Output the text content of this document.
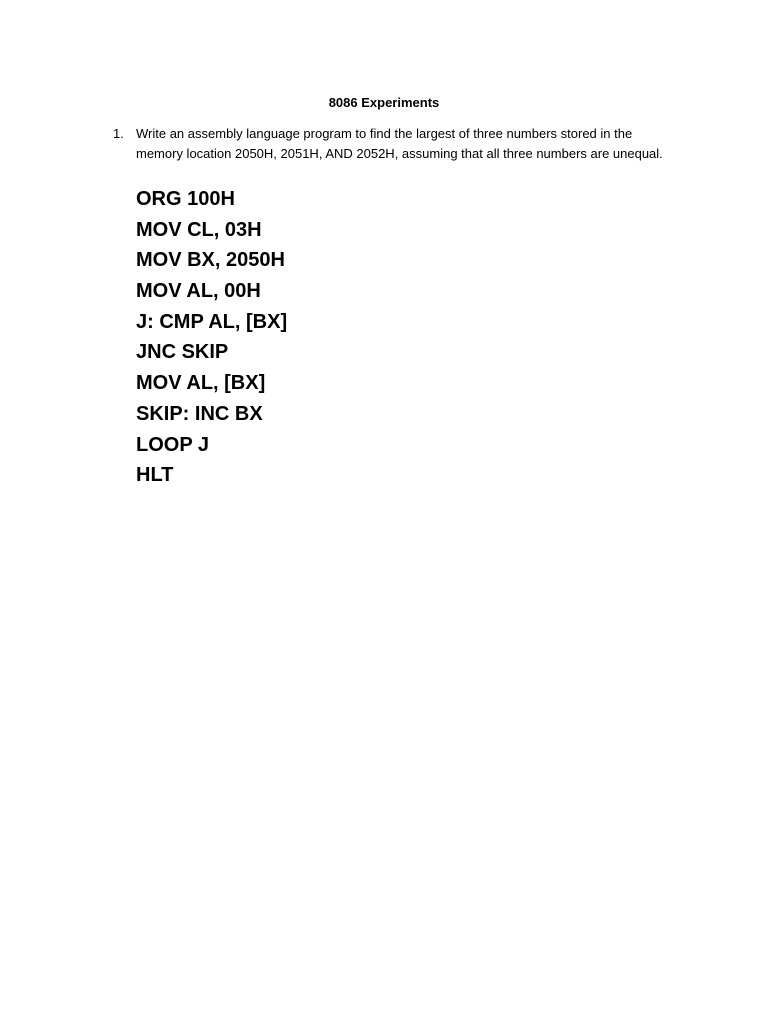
8086 Experiments
1. Write an assembly language program to find the largest of three numbers stored in the memory location 2050H, 2051H, AND 2052H, assuming that all three numbers are unequal.
ORG 100H
MOV CL, 03H
MOV BX, 2050H
MOV AL, 00H
J: CMP AL, [BX]
JNC SKIP
MOV AL, [BX]
SKIP: INC BX
LOOP J
HLT
